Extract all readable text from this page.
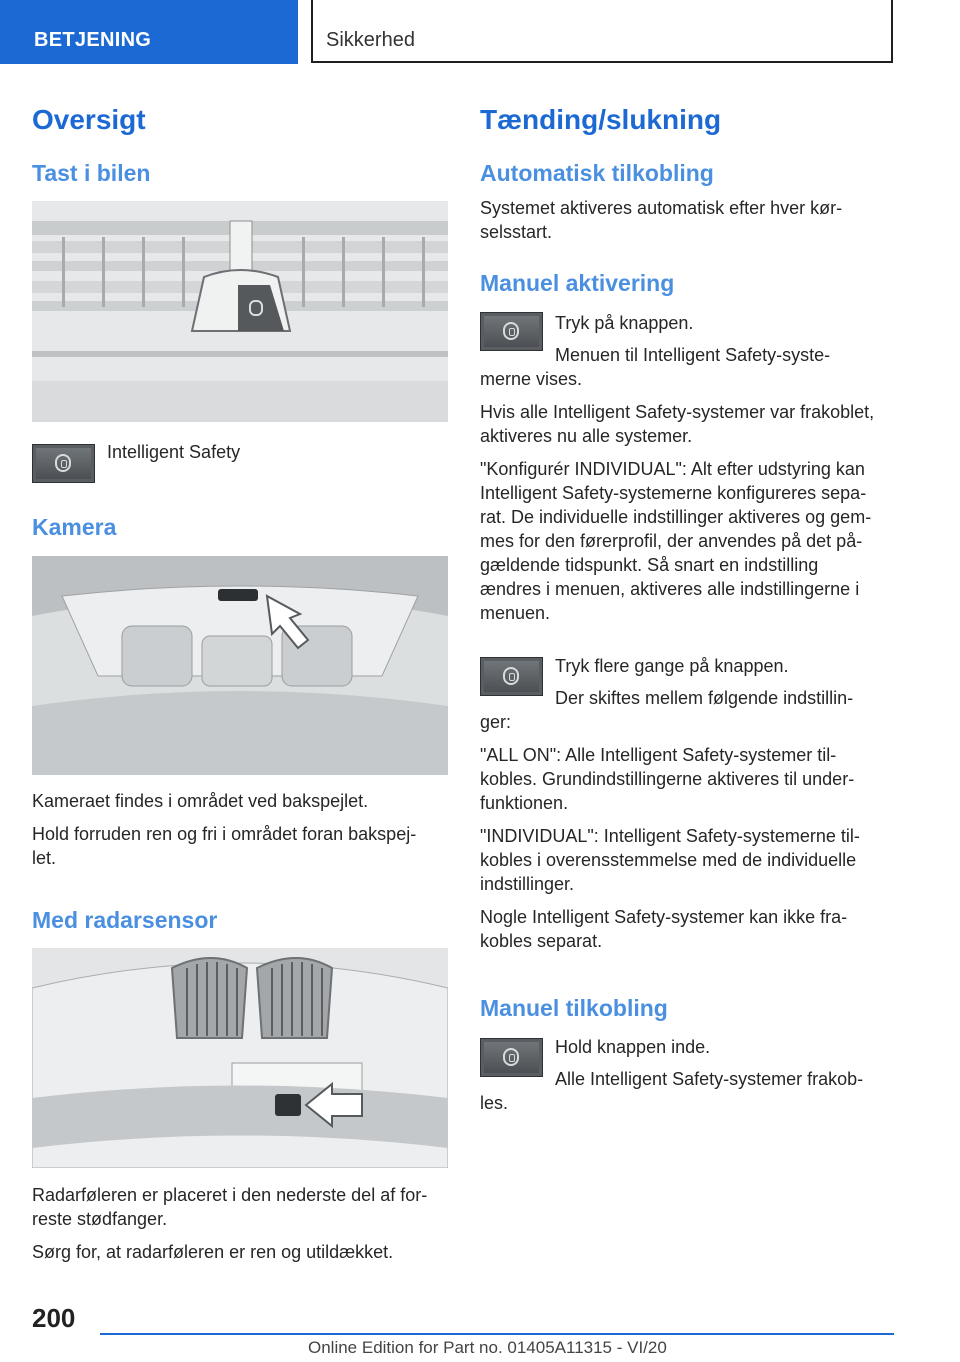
BETJENING	Sikkerhed
Oversigt
Tast i bilen
Intelligent Safety
Kamera
Kameraet findes i området ved bakspejlet.
Hold forruden ren og fri i området foran bakspej‐
let.
Med radarsensor
Radarføleren er placeret i den nederste del af for‐
reste stødfanger.
Sørg for, at radarføleren er ren og utildækket.
Tænding/slukning
Automatisk tilkobling
Systemet aktiveres automatisk efter hver kør‐
selsstart.
Manuel aktivering
Tryk på knappen.
Menuen til Intelligent Safety-syste‐
merne vises.
Hvis alle Intelligent Safety-systemer var frakoblet,
aktiveres nu alle systemer.
"Konfigurér INDIVIDUAL": Alt efter udstyring kan
Intelligent Safety-systemerne konfigureres sepa‐
rat. De individuelle indstillinger aktiveres og gem‐
mes for den førerprofil, der anvendes på det på‐
gældende tidspunkt. Så snart en indstilling
ændres i menuen, aktiveres alle indstillingerne i
menuen.
Tryk flere gange på knappen.
Der skiftes mellem følgende indstillin‐
ger:
"ALL ON": Alle Intelligent Safety-systemer til‐
kobles. Grundindstillingerne aktiveres til under‐
funktionen.
"INDIVIDUAL": Intelligent Safety-systemerne til‐
kobles i overensstemmelse med de individuelle
indstillinger.
Nogle Intelligent Safety-systemer kan ikke fra‐
kobles separat.
Manuel tilkobling
Hold knappen inde.
Alle Intelligent Safety-systemer frakob‐
les.
200
Online Edition for Part no. 01405A11315 - VI/20
